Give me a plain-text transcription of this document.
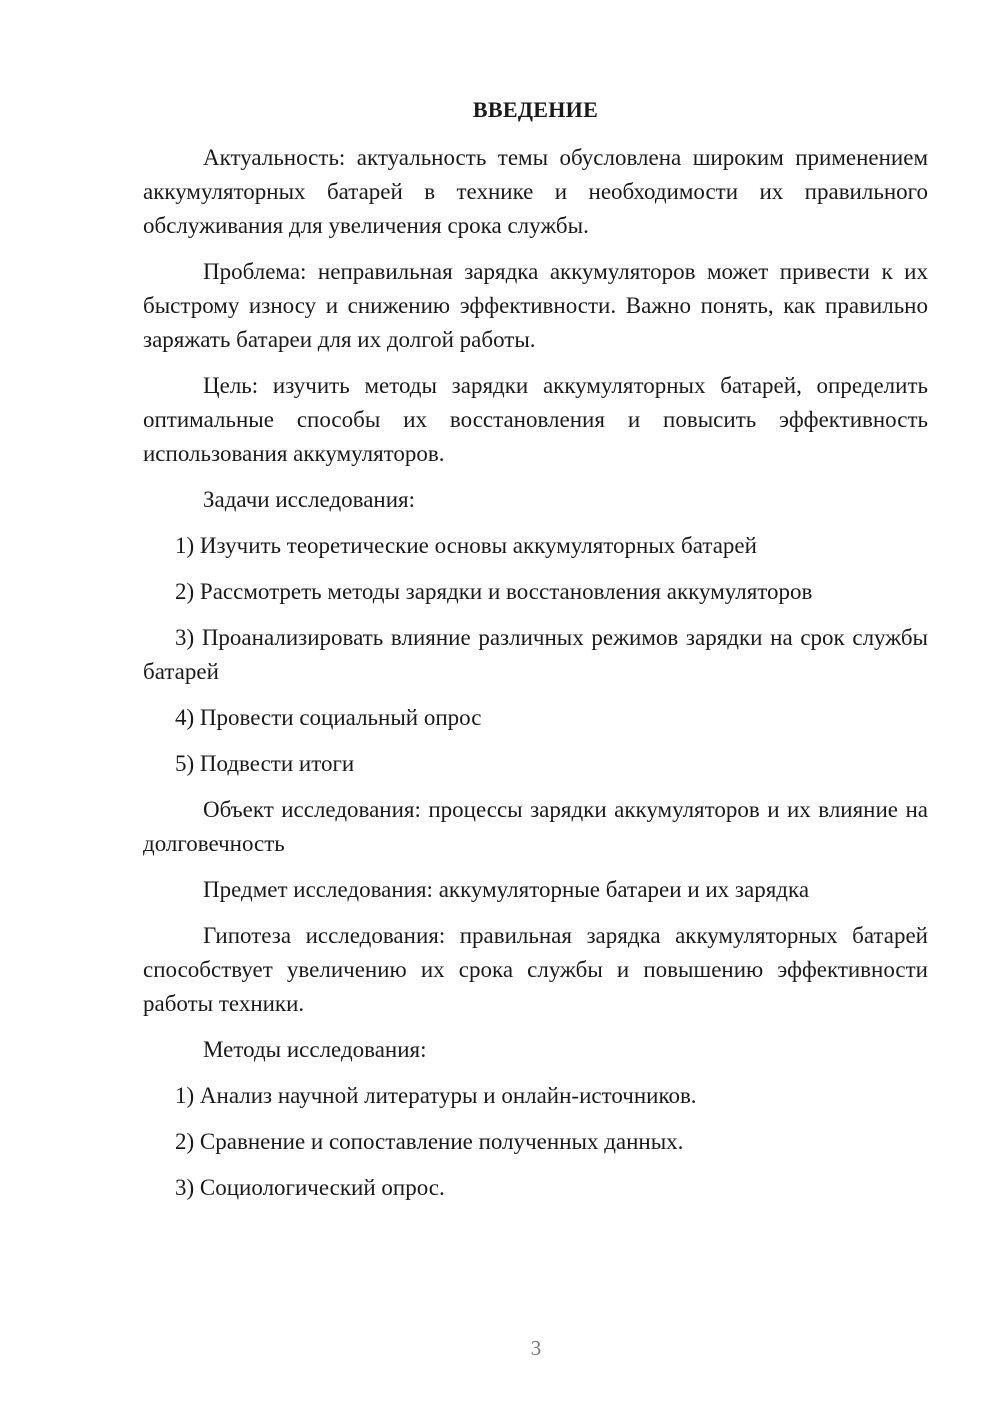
ВВЕДЕНИЕ

Актуальность: актуальность темы обусловлена широким применением аккумуляторных батарей в технике и необходимости их правильного обслуживания для увеличения срока службы.

Проблема: неправильная зарядка аккумуляторов может привести к их быстрому износу и снижению эффективности. Важно понять, как правильно заряжать батареи для их долгой работы.

Цель: изучить методы зарядки аккумуляторных батарей, определить оптимальные способы их восстановления и повысить эффективность использования аккумуляторов.

Задачи исследования:

1) Изучить теоретические основы аккумуляторных батарей

2) Рассмотреть методы зарядки и восстановления аккумуляторов

3) Проанализировать влияние различных режимов зарядки на срок службы батарей

4) Провести социальный опрос

5) Подвести итоги

Объект исследования: процессы зарядки аккумуляторов и их влияние на долговечность

Предмет исследования: аккумуляторные батареи и их зарядка

Гипотеза исследования: правильная зарядка аккумуляторных батарей способствует увеличению их срока службы и повышению эффективности работы техники.

Методы исследования:

1) Анализ научной литературы и онлайн-источников.

2) Сравнение и сопоставление полученных данных.

3) Социологический опрос.

3
